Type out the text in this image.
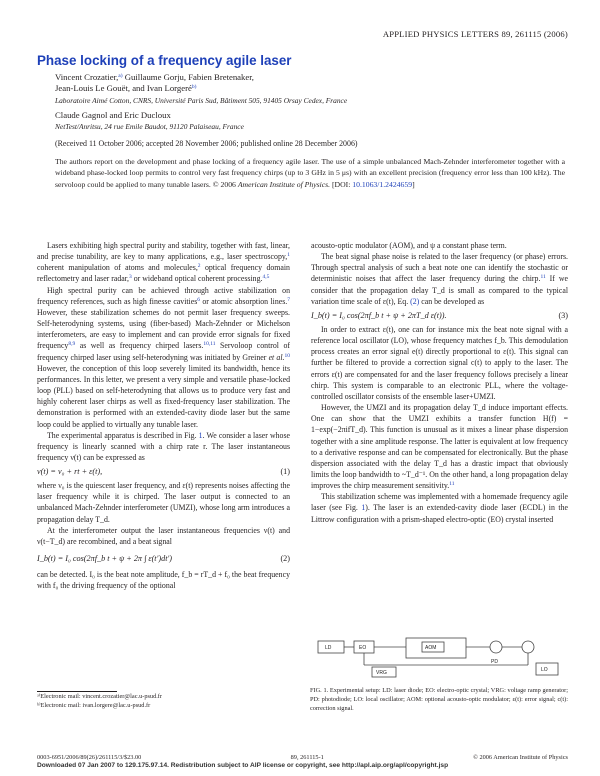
APPLIED PHYSICS LETTERS 89, 261115 (2006)
Phase locking of a frequency agile laser
Vincent Crozatier,$^{a)}$ Guillaume Gorju, Fabien Bretenaker,
Jean-Louis Le Gouët, and Ivan Lorgeré$^{b)}$
Laboratoire Aimé Cotton, CNRS, Université Paris Sud, Bâtiment 505, 91405 Orsay Cedex, France
Claude Gagnol and Eric Ducloux
NetTest/Anritsu, 24 rue Emile Baudot, 91120 Palaiseau, France
(Received 11 October 2006; accepted 28 November 2006; published online 28 December 2006)
The authors report on the development and phase locking of a frequency agile laser. The use of a simple unbalanced Mach-Zehnder interferometer together with a wideband phase-locked loop permits to control very fast frequency chirps (up to 3 GHz in 5 μs) with an excellent precision (frequency error less than 100 kHz). The servoloop could be applied to many tunable lasers. © 2006 American Institute of Physics. [DOI: 10.1063/1.2424659]

Lasers exhibiting high spectral purity and stability, together with fast, linear, and precise tunability, are key to many applications, e.g., laser spectroscopy,$^1$ coherent manipulation of atoms and molecules,$^2$ optical frequency domain reflectometry and laser radar,$^3$ or wideband optical coherent processing.$^{4,5}$

High spectral purity can be achieved through active stabilization on frequency references, such as high finesse cavities$^6$ or atomic absorption lines.$^7$ However, these stabilization schemes do not permit laser frequency sweeps. Self-heterodyning systems, using (fiber-based) Mach-Zehnder or Michelson interferometers, are easy to implement and can provide error signals for fixed frequency$^{8,9}$ as well as frequency chirped lasers.$^{10,11}$ Servoloop control of frequency chirped laser using self-heterodyning was initiated by Greiner et al.$^{10}$ However, the conception of this loop severely limited its bandwidth, hence its performances. In this letter, we present a very simple and versatile phase-locked loop (PLL) based on self-heterodyning that allows us to produce very fast and highly coherent laser chirps as well as fixed-frequency laser stabilization. The demonstration is performed with an extended-cavity diode laser but the same loop could be applied to virtually any tunable laser.

The experimental apparatus is described in Fig. 1. We consider a laser whose frequency is linearly scanned with a chirp rate r. The laser instantaneous frequency ν(t) can be expressed as

ν(t) = ν₀ + rt + ε(t),	(1)

where ν₀ is the quiescent laser frequency, and ε(t) represents noises affecting the laser frequency while it is chirped. The laser output is connected to an unbalanced Mach-Zehnder interferometer (UMZI), whose long arm introduces a propagation delay T_d.

At the interferometer output the laser instantaneous frequencies ν(t) and ν(t−T_d) are recombined, and a beat signal

I_b(t) = I₀ cos(2πf_b t + ψ + 2π ∫ ε(t′)dt′)	(2)

can be detected. I₀ is the beat note amplitude, f_b = rT_d + f₀ the beat frequency with f₀ the driving frequency of the optional

acousto-optic modulator (AOM), and ψ a constant phase term.

The beat signal phase noise is related to the laser frequency (or phase) errors. Through spectral analysis of such a beat note one can identify the stochastic or deterministic noises that affect the laser frequency during the chirp.$^{11}$ If we consider that the propagation delay T_d is small as compared to the typical variation time scale of ε(t), Eq. (2) can be developed as

I_b(t) = I₀ cos(2πf_b t + ψ + 2πT_d ε(t)).	(3)

In order to extract ε(t), one can for instance mix the beat note signal with a reference local oscillator (LO), whose frequency matches f_b. This demodulation process creates an error signal e(t) directly proportional to ε(t). This signal can further be filtered to provide a correction signal c(t) to apply to the laser. The errors ε(t) are compensated for and the laser frequency follows precisely a linear chirp. This system is comparable to an electronic PLL, where the voltage-controlled oscillator consists of the ensemble laser+UMZI.

However, the UMZI and its propagation delay T_d induce important effects. One can show that the UMZI exhibits a transfer function H(f) = 1−exp(−2πifT_d). This function is unusual as it mixes a linear phase dispersion together with a sine amplitude response. The latter is equivalent at low frequency to a derivative response and can be compensated for electronically. But the phase dispersion associated with the delay T_d has a drastic impact that obviously limits the loop bandwidth to ~T_d⁻¹. On the other hand, a long propagation delay improves the chirp measurement sensitivity.$^{11}$

This stabilization scheme was implemented with a homemade frequency agile laser (see Fig. 1). The laser is an extended-cavity diode laser (ECDL) in the Littrow configuration with a prism-shaped electro-optic (EO) crystal inserted

LD	EO	AOM
VRG
PD
LO
FIG. 1. Experimental setup: LD: laser diode; EO: electro-optic crystal; VRG: voltage ramp generator; PD: photodiode; LO: local oscillator; AOM: optional acousto-optic modulator; ε(t): error signal; c(t): correction signal.
ᵃ⁾Electronic mail: vincent.crozatier@lac.u-psud.fr
ᵇ⁾Electronic mail: ivan.lorgere@lac.u-psud.fr
0003-6951/2006/89(26)/261115/3/$23.00	89, 261115-1	© 2006 American Institute of Physics
Downloaded 07 Jan 2007 to 129.175.97.14. Redistribution subject to AIP license or copyright, see http://apl.aip.org/apl/copyright.jsp
